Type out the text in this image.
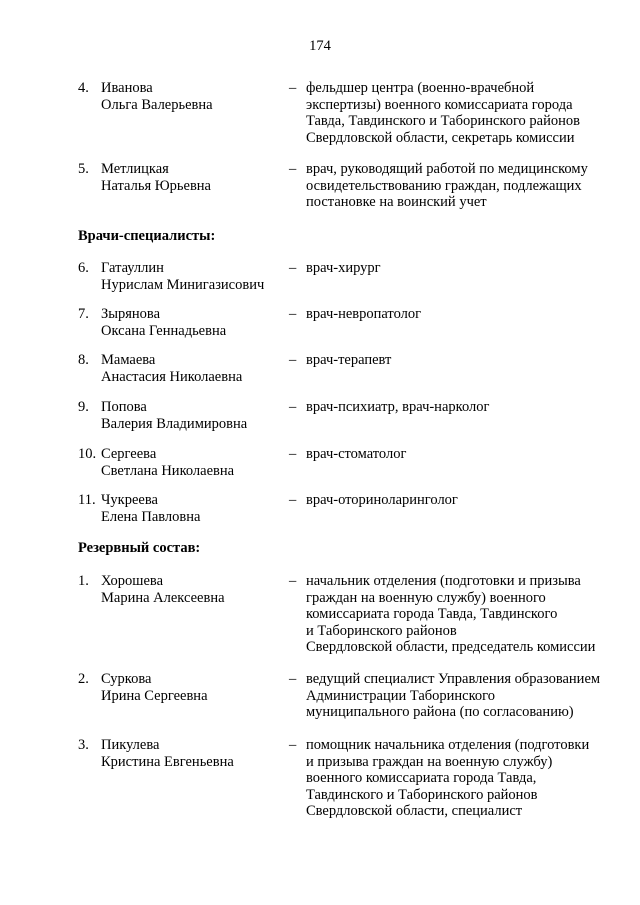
174
4. Иванова
Ольга Валерьевна
– фельдшер центра (военно-врачебной
экспертизы) военного комиссариата города
Тавда, Тавдинского и Таборинского районов
Свердловской области, секретарь комиссии
5. Метлицкая
Наталья Юрьевна
– врач, руководящий работой по медицинскому
освидетельствованию граждан, подлежащих
постановке на воинский учет
Врачи-специалисты:
6. Гатауллин
Нурислам Минигазисович
– врач-хирург
7. Зырянова
Оксана Геннадьевна
– врач-невропатолог
8. Мамаева
Анастасия Николаевна
– врач-терапевт
9. Попова
Валерия Владимировна
– врач-психиатр, врач-нарколог
10. Сергеева
Светлана Николаевна
– врач-стоматолог
11. Чукреева
Елена Павловна
– врач-оториноларинголог
Резервный состав:
1. Хорошева
Марина Алексеевна
– начальник отделения (подготовки и призыва
граждан на военную службу) военного
комиссариата города Тавда, Тавдинского
и Таборинского районов
Свердловской области, председатель комиссии
2. Суркова
Ирина Сергеевна
– ведущий специалист Управления образованием
Администрации Таборинского
муниципального района (по согласованию)
3. Пикулева
Кристина Евгеньевна
– помощник начальника отделения (подготовки
и призыва граждан на военную службу)
военного комиссариата города Тавда,
Тавдинского и Таборинского районов
Свердловской области, специалист
